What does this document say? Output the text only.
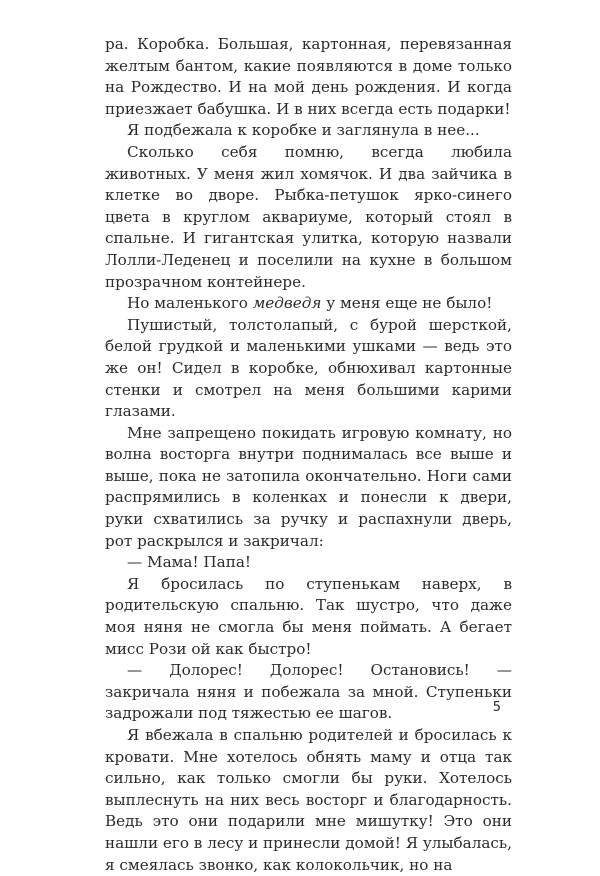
ра. Коробка. Большая, картонная, перевязанная желтым бантом, какие появляются в доме только на Рождество. И на мой день рождения. И когда приезжает бабушка. И в них всегда есть подарки!

Я подбежала к коробке и заглянула в нее...

Сколько себя помню, всегда любила животных. У меня жил хомячок. И два зайчика в клетке во дворе. Рыбка-петушок ярко-синего цвета в круглом аквариуме, который стоял в спальне. И гигантская улитка, которую назвали Лолли-Леденец и поселили на кухне в большом прозрачном контейнере.

Но маленького медведя у меня еще не было!

Пушистый, толстолапый, с бурой шерсткой, белой грудкой и маленькими ушками — ведь это же он! Сидел в коробке, обнюхивал картонные стенки и смотрел на меня большими карими глазами.

Мне запрещено покидать игровую комнату, но волна восторга внутри поднималась все выше и выше, пока не затопила окончательно. Ноги сами распрямились в коленках и понесли к двери, руки схватились за ручку и распахнули дверь, рот раскрылся и закричал:

— Мама! Папа!

Я бросилась по ступенькам наверх, в родительскую спальню. Так шустро, что даже моя няня не смогла бы меня поймать. А бегает мисс Рози ой как быстро!

— Долорес! Долорес! Остановись! — закричала няня и побежала за мной. Ступеньки задрожали под тяжестью ее шагов.

Я вбежала в спальню родителей и бросилась к кровати. Мне хотелось обнять маму и отца так сильно, как только смогли бы руки. Хотелось выплеснуть на них весь восторг и благодарность. Ведь это они подарили мне мишутку! Это они нашли его в лесу и принесли домой! Я улыбалась, я смеялась звонко, как колокольчик, но на

5
